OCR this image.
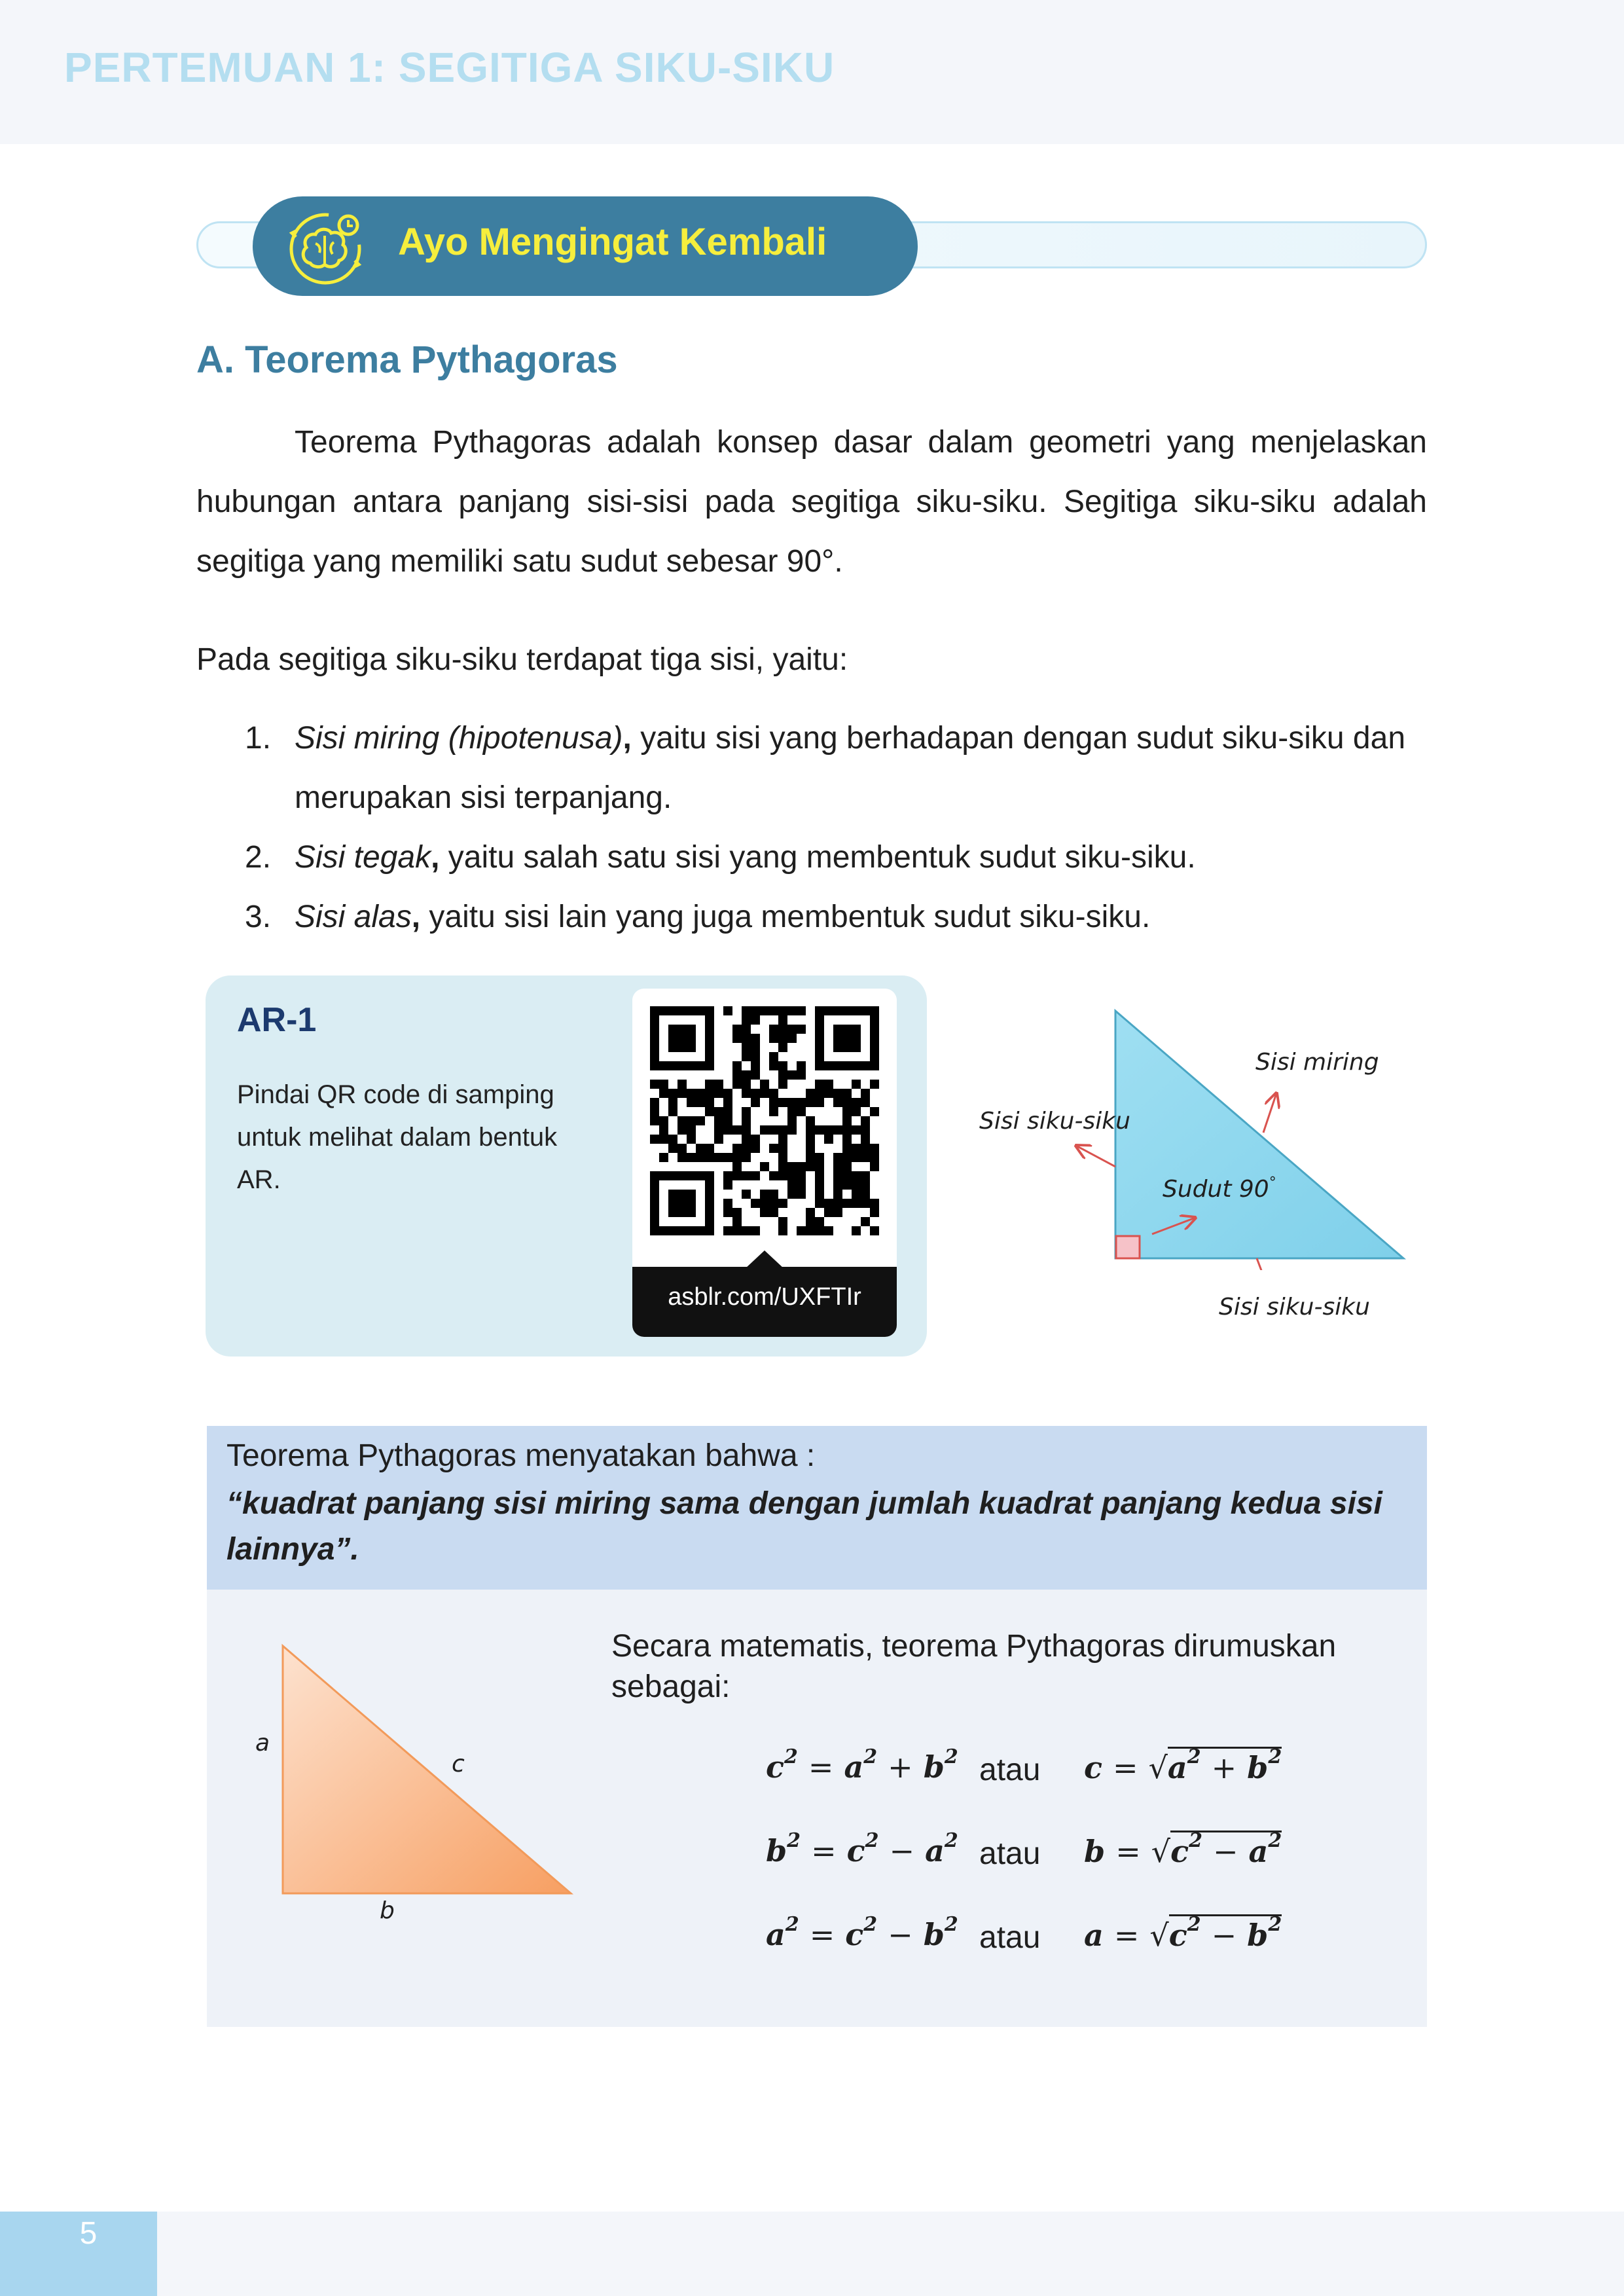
PERTEMUAN 1: SEGITIGA SIKU-SIKU
Ayo Mengingat Kembali
A. Teorema Pythagoras
Teorema Pythagoras adalah konsep dasar dalam geometri yang menjelaskan hubungan antara panjang sisi-sisi pada segitiga siku-siku. Segitiga siku-siku adalah segitiga yang memiliki satu sudut sebesar 90°.
Pada segitiga siku-siku terdapat tiga sisi, yaitu:
1. Sisi miring (hipotenusa), yaitu sisi yang berhadapan dengan sudut siku-siku dan merupakan sisi terpanjang.
2. Sisi tegak, yaitu salah satu sisi yang membentuk sudut siku-siku.
3. Sisi alas, yaitu sisi lain yang juga membentuk sudut siku-siku.
AR-1
Pindai QR code di samping untuk melihat dalam bentuk AR.
asblr.com/UXFTIr
Sisi miring
Sisi siku-siku
Sudut 90°
Sisi siku-siku
Teorema Pythagoras menyatakan bahwa :
“kuadrat panjang sisi miring sama dengan jumlah kuadrat panjang kedua sisi lainnya”.
a
c
b
Secara matematis, teorema Pythagoras dirumuskan sebagai:
$c^2 = a^2 + b^2$ atau $c = √a^2 + b^2$
$b^2 = c^2 - a^2$ atau $b = √c^2 - a^2$
$a^2 = c^2 - b^2$ atau $a = √c^2 - b^2$
5
